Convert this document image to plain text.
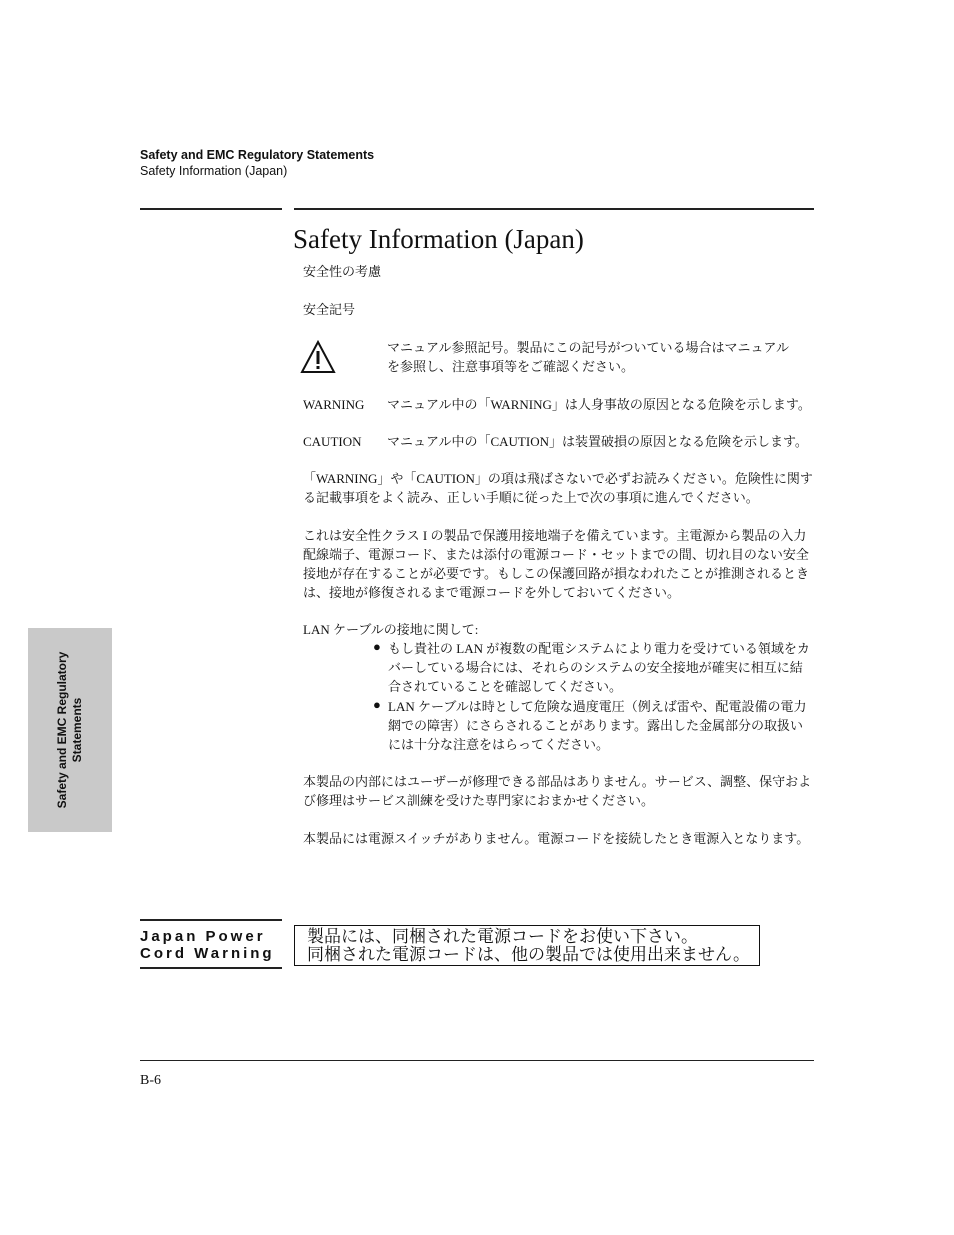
Safety and EMC Regulatory Statements
Safety Information (Japan)
Safety Information (Japan)
安全性の考慮
安全記号
マニュアル参照記号。製品にこの記号がついている場合はマニュアル
を参照し、注意事項等をご確認ください。
WARNING マニュアル中の「WARNING」は人身事故の原因となる危険を示します。
CAUTION マニュアル中の「CAUTION」は装置破損の原因となる危険を示します。
「WARNING」や「CAUTION」の項は飛ばさないで必ずお読みください。危険性に関す
る記載事項をよく読み、正しい手順に従った上で次の事項に進んでください。
これは安全性クラス I の製品で保護用接地端子を備えています。主電源から製品の入力
配線端子、電源コード、または添付の電源コード・セットまでの間、切れ目のない安全
接地が存在することが必要です。もしこの保護回路が損なわれたことが推測されるとき
は、接地が修復されるまで電源コードを外しておいてください。
LAN ケーブルの接地に関して:
● もし貴社の LAN が複数の配電システムにより電力を受けている領域をカ
バーしている場合には、それらのシステムの安全接地が確実に相互に結
合されていることを確認してください。
● LAN ケーブルは時として危険な過度電圧（例えば雷や、配電設備の電力
網での障害）にさらされることがあります。露出した金属部分の取扱い
には十分な注意をはらってください。
本製品の内部にはユーザーが修理できる部品はありません。サービス、調整、保守およ
び修理はサービス訓練を受けた専門家におまかせください。
本製品には電源スイッチがありません。電源コードを接続したとき電源入となります。
Safety and EMC Regulatory Statements
Japan Power
Cord Warning
製品には、同梱された電源コードをお使い下さい。
同梱された電源コードは、他の製品では使用出来ません。
B-6
